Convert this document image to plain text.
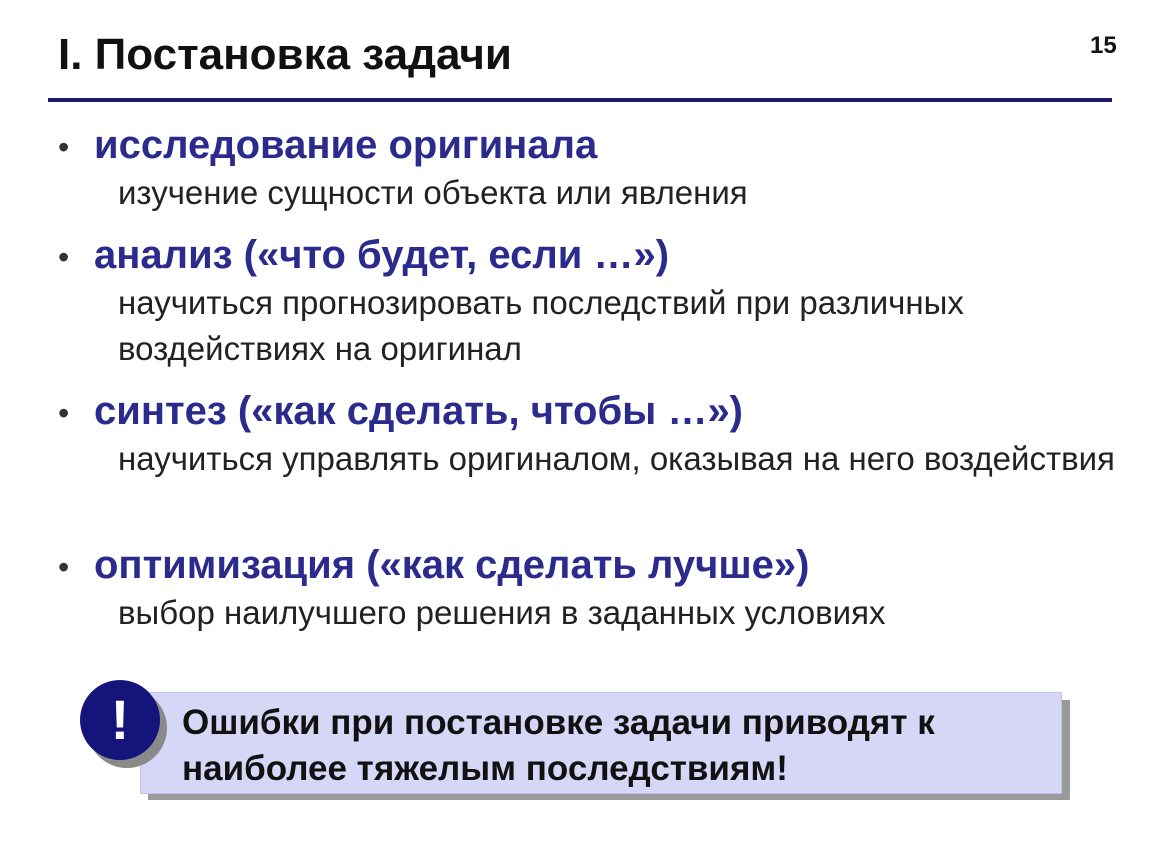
I. Постановка задачи	15
• исследование оригинала
изучение сущности объекта или явления
• анализ («что будет, если …»)
научиться прогнозировать последствий при различных воздействиях на оригинал
• синтез («как сделать, чтобы …»)
научиться управлять оригиналом, оказывая на него воздействия
• оптимизация («как сделать лучше»)
выбор наилучшего решения в заданных условиях
Ошибки при постановке задачи приводят к наиболее тяжелым последствиям!
!
